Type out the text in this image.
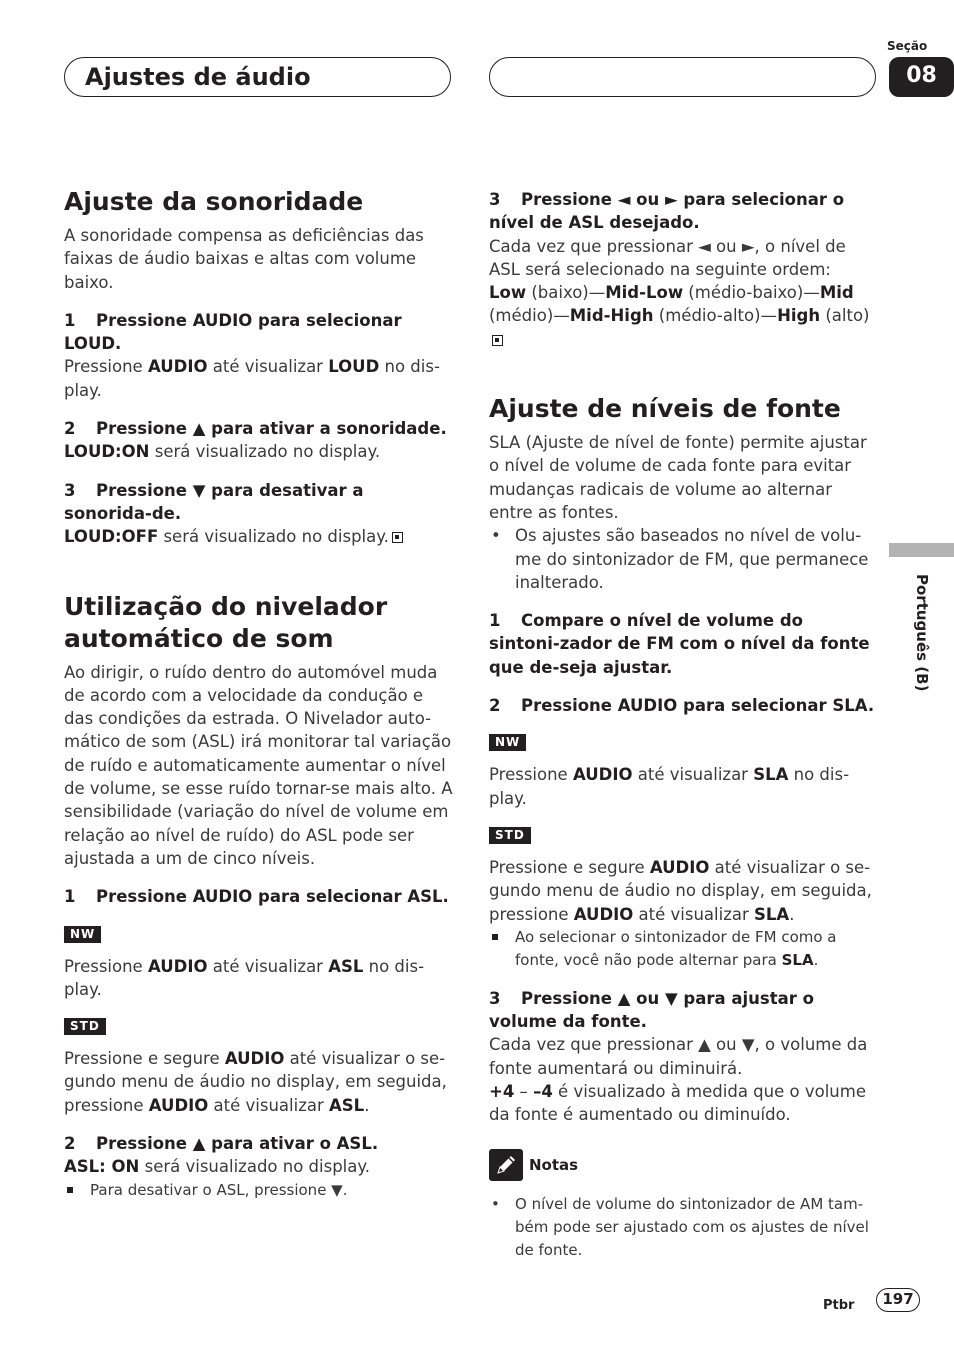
Ajustes de áudio
Seção
08
Português (B)
Ajuste da sonoridade

A sonoridade compensa as deficiências das faixas de áudio baixas e altas com volume baixo.

1 Pressione AUDIO para selecionar LOUD.

Pressione AUDIO até visualizar LOUD no dis-play.

2 Pressione ▲ para ativar a sonoridade.

LOUD:ON será visualizado no display.

3 Pressione ▼ para desativar a sonorida-de.

LOUD:OFF será visualizado no display.

Utilização do nivelador automático de som

Ao dirigir, o ruído dentro do automóvel muda de acordo com a velocidade da condução e das condições da estrada. O Nivelador auto-mático de som (ASL) irá monitorar tal variação de ruído e automaticamente aumentar o nível de volume, se esse ruído tornar-se mais alto. A sensibilidade (variação do nível de volume em relação ao nível de ruído) do ASL pode ser ajustada a um de cinco níveis.

1 Pressione AUDIO para selecionar ASL.

NW

Pressione AUDIO até visualizar ASL no dis-play.

STD

Pressione e segure AUDIO até visualizar o se-gundo menu de áudio no display, em seguida, pressione AUDIO até visualizar ASL.

2 Pressione ▲ para ativar o ASL.

ASL: ON será visualizado no display.

Para desativar o ASL, pressione ▼.

3 Pressione ◄ ou ► para selecionar o nível de ASL desejado.

Cada vez que pressionar ◄ ou ►, o nível de ASL será selecionado na seguinte ordem:

Low (baixo)—Mid-Low (médio-baixo)—Mid (médio)—Mid-High (médio-alto)—High (alto)

Ajuste de níveis de fonte

SLA (Ajuste de nível de fonte) permite ajustar o nível de volume de cada fonte para evitar mudanças radicais de volume ao alternar entre as fontes.

• Os ajustes são baseados no nível de volu-me do sintonizador de FM, que permanece inalterado.

1 Compare o nível de volume do sintoni-zador de FM com o nível da fonte que de-seja ajustar.

2 Pressione AUDIO para selecionar SLA.

NW

Pressione AUDIO até visualizar SLA no dis-play.

STD

Pressione e segure AUDIO até visualizar o se-gundo menu de áudio no display, em seguida, pressione AUDIO até visualizar SLA.

Ao selecionar o sintonizador de FM como a fonte, você não pode alternar para SLA.

3 Pressione ▲ ou ▼ para ajustar o volume da fonte.

Cada vez que pressionar ▲ ou ▼, o volume da fonte aumentará ou diminuirá.

+4 – –4 é visualizado à medida que o volume da fonte é aumentado ou diminuído.

Notas

• O nível de volume do sintonizador de AM tam-bém pode ser ajustado com os ajustes de nível de fonte.

Ptbr	197
